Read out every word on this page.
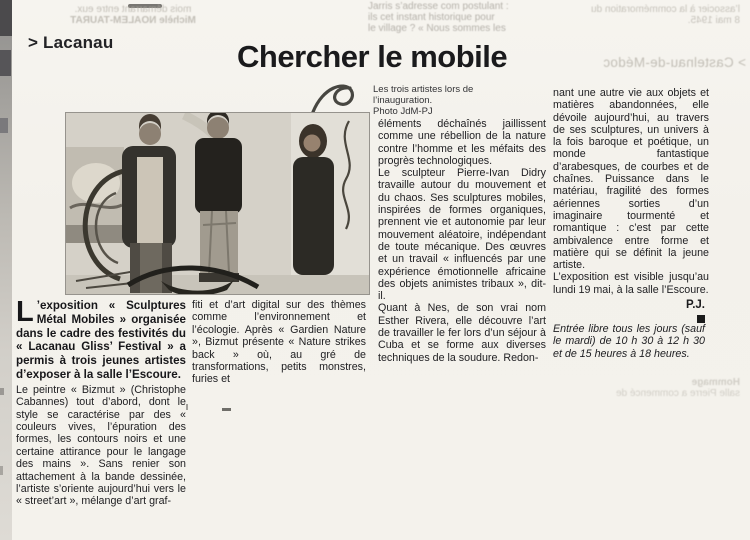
mois démarrant entre eux.
Michèle NOALEM-TAURAT
Jarris s’adresse com postulant :
ils cet instant historique pour
le village ? « Nous sommes les
l’associer à la commémoration du
8 mai 1945.
> Castelnau-de-Médoc
Hommage
salle Pierre a commencé de
> Lacanau	Chercher le mobile
Les trois artistes lors de l’inauguration.
Photo JdM-PJ

L ’exposition « Sculptures Métal Mobiles » organisée dans le cadre des festivités du « Lacanau Gliss’ Festival » a permis à trois jeunes artistes d’exposer à la salle l’Escoure.

Le peintre « Bizmut » (Christophe Cabannes) tout d’abord, dont le style se caractérise par des « couleurs vives, l’épuration des formes, les contours noirs et une certaine attirance pour le langage des mains ». Sans renier son attachement à la bande dessinée, l’artiste s’oriente aujourd’hui vers le « street’art », mélange d’art graf-

fiti et d’art digital sur des thèmes comme l’environnement et l’écologie. Après « Gardien Nature », Bizmut présente « Nature strikes back » où, au gré de transformations, petits monstres, furies et

éléments déchaînés jaillissent comme une rébellion de la nature contre l’homme et les méfaits des progrès technologiques.

Le sculpteur Pierre-Ivan Didry travaille autour du mouvement et du chaos. Ses sculptures mobiles, inspirées de formes organiques, prennent vie et autonomie par leur mouvement aléatoire, indépendant de toute mécanique. Des œuvres et un travail « influencés par une expérience émotionnelle africaine des objets animistes tribaux », dit-il.

Quant à Nes, de son vrai nom Esther Rivera, elle découvre l’art de travailler le fer lors d’un séjour à Cuba et se forme aux diverses techniques de la soudure. Redon-

nant une autre vie aux objets et matières abandonnées, elle dévoile aujourd’hui, au travers de ses sculptures, un univers à la fois baroque et poétique, un monde fantastique d’arabesques, de courbes et de chaînes. Puissance dans le matériau, fragilité des formes aériennes sorties d’un imaginaire tourmenté et romantique : c’est par cette ambivalence entre forme et matière qui se définit la jeune artiste.

L’exposition est visible jusqu’au lundi 19 mai, à la salle l’Escoure.

P.J.

Entrée libre tous les jours (sauf le mardi) de 10 h 30 à 12 h 30 et de 15 heures à 18 heures.
